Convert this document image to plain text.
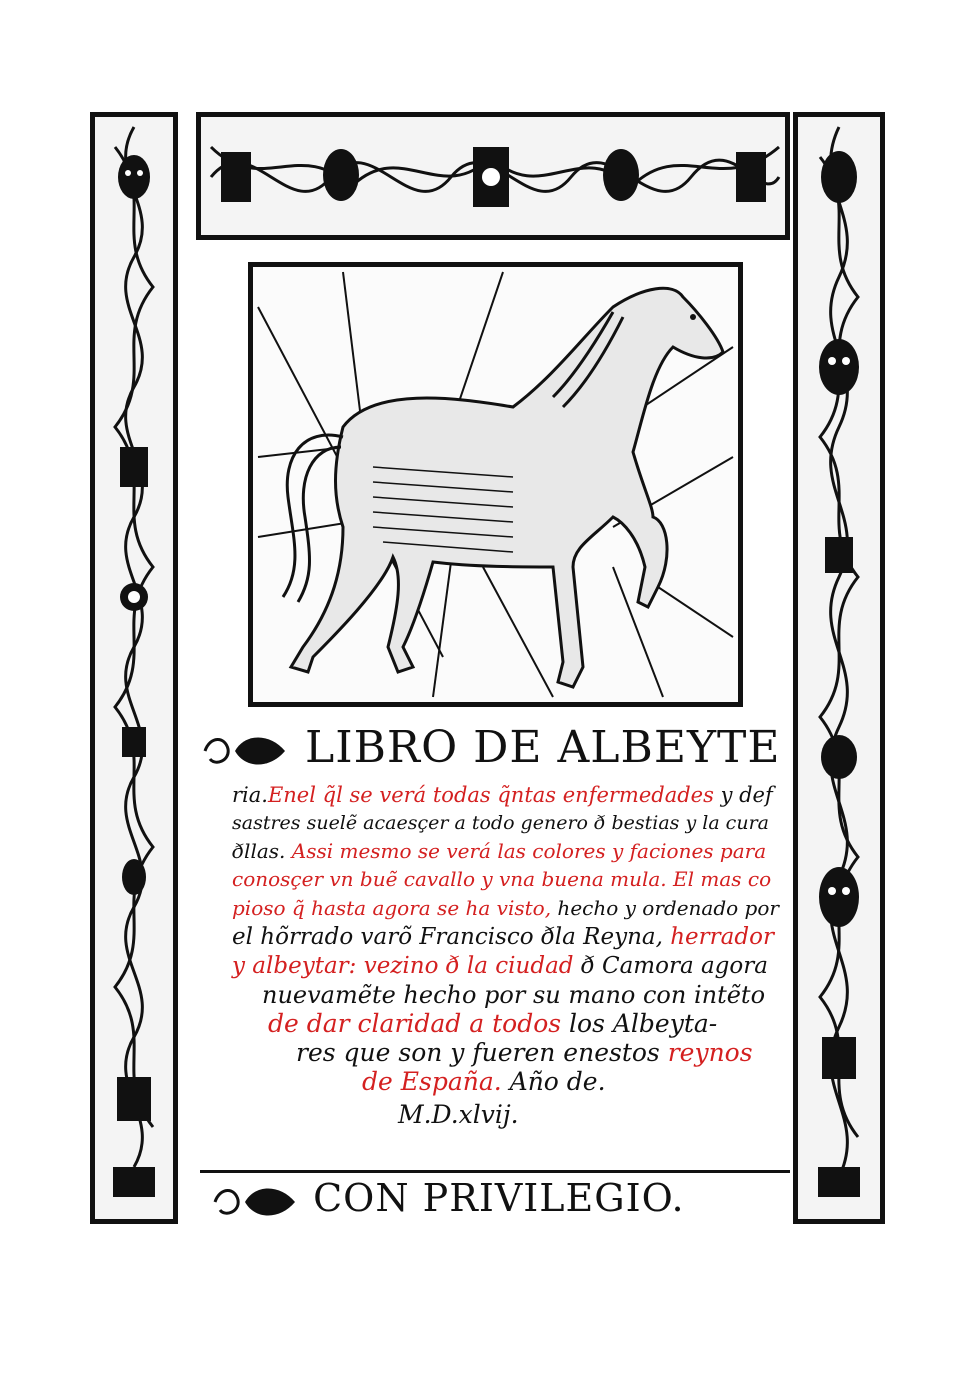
LIBRO DE ALBEYTE
ria.Enel q̃l se verá todas q̃ntas enfermedades y def
sastres suelẽ acaesçer a todo genero ð bestias y la cura
ðllas. Assi mesmo se verá las colores y faciones para
conosçer vn buẽ cavallo y vna buena mula. El mas co
pioso q̃ hasta agora se ha visto, hecho y ordenado por
el hõrrado varõ Francisco ðla Reyna, herrador
y albeytar: vezino ð la ciudad ð Camora agora
nuevamẽte hecho por su mano con intẽto
de dar claridad a todos los Albeyta-
res que son y fueren enestos reynos
de España. Año de.
M.D.xlvij.
CON PRIVILEGIO.
